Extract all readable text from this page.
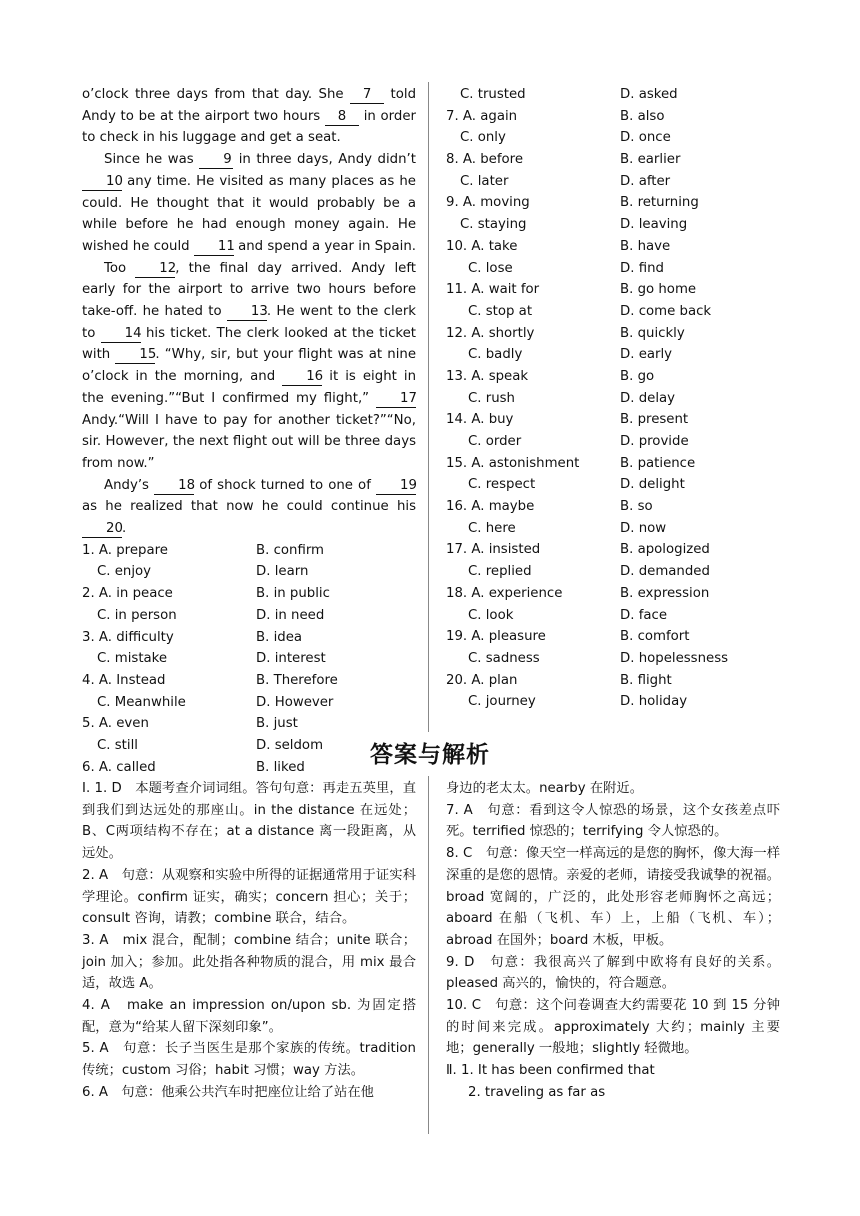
o’clock three days from that day. She 7 told Andy to be at the airport two hours 8 in order to check in his luggage and get a seat.

Since he was 9 in three days, Andy didn’t 10 any time. He visited as many places as he could. He thought that it would probably be a while before he had enough money again. He wished he could 11 and spend a year in Spain.

Too 12, the final day arrived. Andy left early for the airport to arrive two hours before take-off. he hated to 13. He went to the clerk to 14 his ticket. The clerk looked at the ticket with 15. “Why, sir, but your flight was at nine o’clock in the morning, and 16 it is eight in the evening.”“But I confirmed my flight,” 17 Andy.“Will I have to pay for another ticket?”“No, sir. However, the next flight out will be three days from now.”

Andy’s 18 of shock turned to one of 19 as he realized that now he could continue his 20.

1. A. prepare	B. confirm
C. enjoy	D. learn
2. A. in peace	B. in public
C. in person	D. in need
3. A. difficulty	B. idea
C. mistake	D. interest
4. A. Instead	B. Therefore
C. Meanwhile	D. However
5. A. even	B. just
C. still	D. seldom
6. A. called	B. liked
C. trusted	D. asked
7. A. again	B. also
C. only	D. once
8. A. before	B. earlier
C. later	D. after
9. A. moving	B. returning
C. staying	D. leaving
10. A. take	B. have
C. lose	D. find
11. A. wait for	B. go home
C. stop at	D. come back
12. A. shortly	B. quickly
C. badly	D. early
13. A. speak	B. go
C. rush	D. delay
14. A. buy	B. present
C. order	D. provide
15. A. astonishment	B. patience
C. respect	D. delight
16. A. maybe	B. so
C. here	D. now
17. A. insisted	B. apologized
C. replied	D. demanded
18. A. experience	B. expression
C. look	D. face
19. A. pleasure	B. comfort
C. sadness	D. hopelessness
20. A. plan	B. flight
C. journey	D. holiday
答案与解析

Ⅰ. 1. D　本题考查介词词组。答句句意：再走五英里，直到我们到达远处的那座山。in the distance 在远处；B、C两项结构不存在；at a distance 离一段距离，从远处。

2. A　句意：从观察和实验中所得的证据通常用于证实科学理论。confirm 证实，确实；concern 担心；关于；consult 咨询，请教；combine 联合，结合。

3. A　mix 混合，配制；combine 结合；unite 联合；join 加入；参加。此处指各种物质的混合，用 mix 最合适，故选 A。

4. A　make an impression on/upon sb. 为固定搭配，意为“给某人留下深刻印象”。

5. A　句意：长子当医生是那个家族的传统。tradition 传统；custom 习俗；habit 习惯；way 方法。

6. A　句意：他乘公共汽车时把座位让给了站在他

身边的老太太。nearby 在附近。

7. A　句意：看到这令人惊恐的场景，这个女孩差点吓死。terrified 惊恐的；terrifying 令人惊恐的。

8. C　句意：像天空一样高远的是您的胸怀，像大海一样深重的是您的恩情。亲爱的老师，请接受我诚挚的祝福。broad 宽阔的，广泛的，此处形容老师胸怀之高远；aboard 在船（飞机、车）上，上船（飞机、车）；abroad 在国外；board 木板，甲板。

9. D　句意：我很高兴了解到中欧将有良好的关系。pleased 高兴的，愉快的，符合题意。

10. C　句意：这个问卷调查大约需要花 10 到 15 分钟的时间来完成。approximately 大约；mainly 主要地；generally 一般地；slightly 轻微地。

Ⅱ. 1. It has been confirmed that

2. traveling as far as
